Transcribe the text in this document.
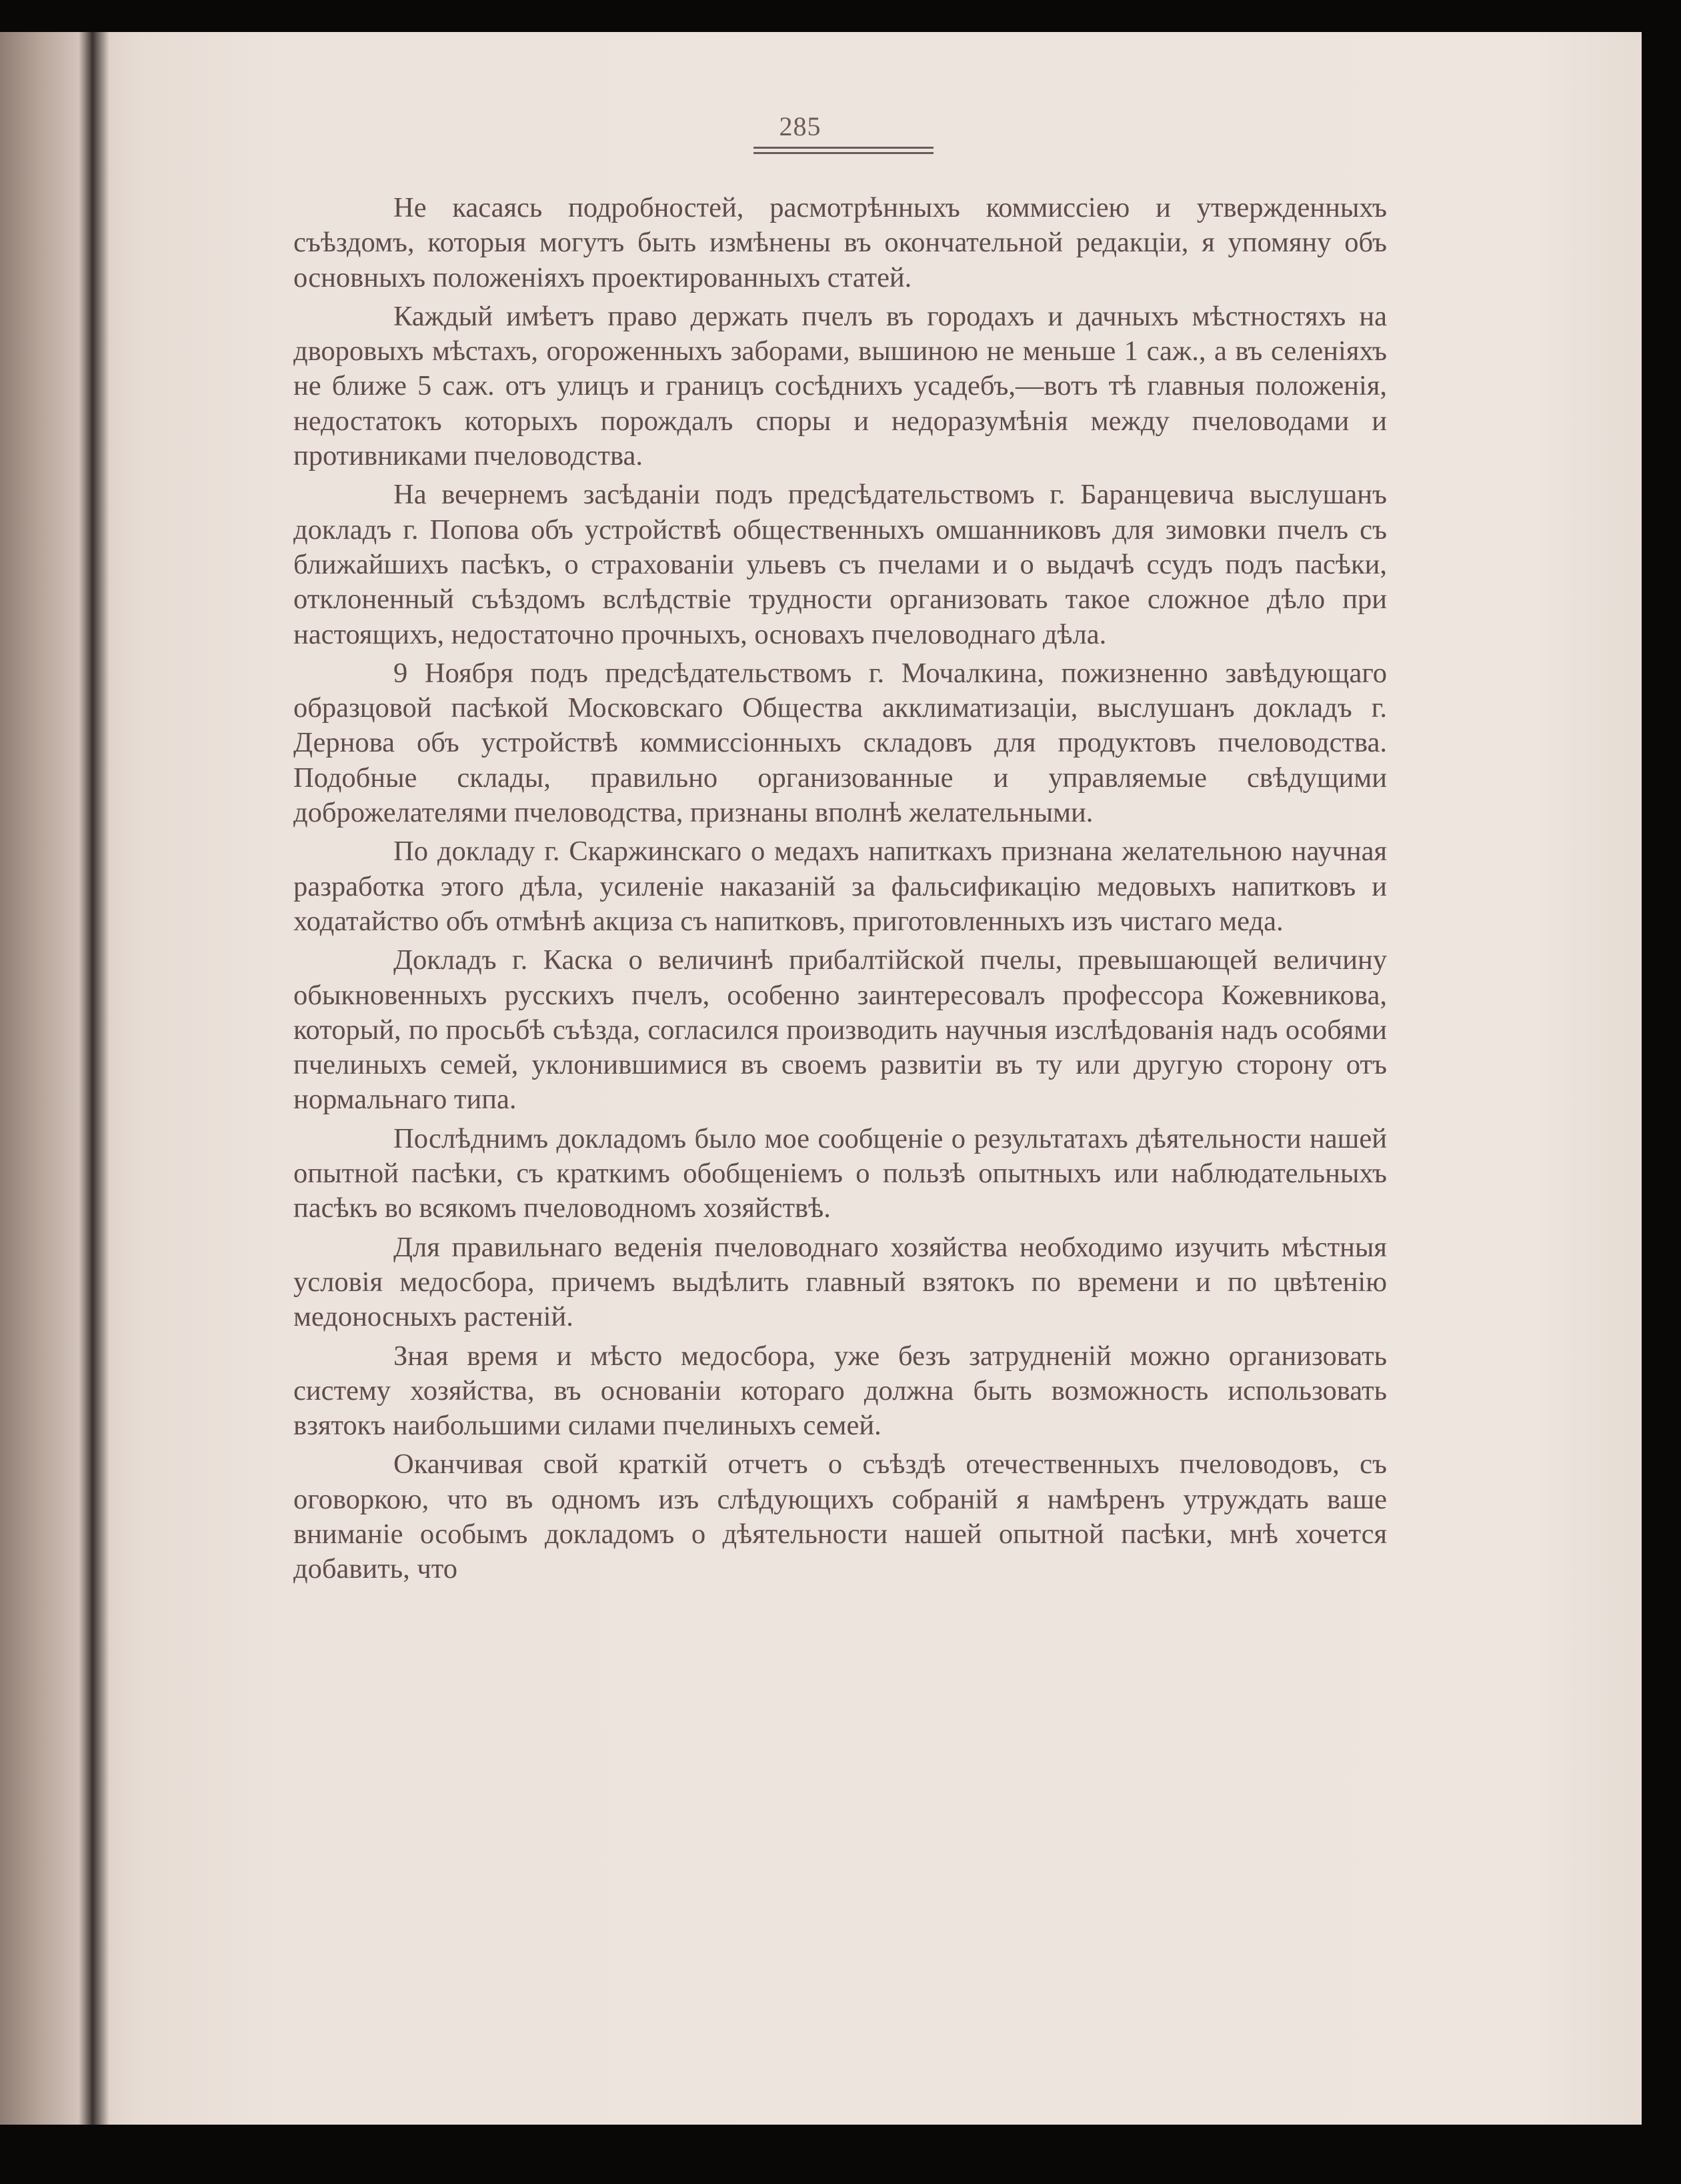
285

Не касаясь подробностей, расмотрѣнныхъ коммиссiею и утвержденныхъ съѣздомъ, которыя могутъ быть измѣнены въ окончательной редакцiи, я упомяну объ основныхъ положенiяхъ проектированныхъ статей.

Каждый имѣетъ право держать пчелъ въ городахъ и дачныхъ мѣстностяхъ на дворовыхъ мѣстахъ, огороженныхъ заборами, вышиною не меньше 1 саж., а въ селенiяхъ не ближе 5 саж. отъ улицъ и границъ сосѣднихъ усадебъ,—вотъ тѣ главныя положенiя, недостатокъ которыхъ порождалъ споры и недоразумѣнiя между пчеловодами и противниками пчеловодства.

На вечернемъ засѣданiи подъ предсѣдательствомъ г. Баранцевича выслушанъ докладъ г. Попова объ устройствѣ общественныхъ омшанниковъ для зимовки пчелъ съ ближайшихъ пасѣкъ, о страхованiи ульевъ съ пчелами и о выдачѣ ссудъ подъ пасѣки, отклоненный съѣздомъ вслѣдствiе трудности организовать такое сложное дѣло при настоящихъ, недостаточно прочныхъ, основахъ пчеловоднаго дѣла.

9 Ноября подъ предсѣдательствомъ г. Мочалкина, пожизненно завѣдующаго образцовой пасѣкой Московскаго Общества акклиматизацiи, выслушанъ докладъ г. Дернова объ устройствѣ коммиссiонныхъ складовъ для продуктовъ пчеловодства. Подобные склады, правильно организованные и управляемые свѣдущими доброжелателями пчеловодства, признаны вполнѣ желательными.

По докладу г. Скаржинскаго о медахъ напиткахъ признана желательною научная разработка этого дѣла, усиленiе наказанiй за фальсификацiю медовыхъ напитковъ и ходатайство объ отмѣнѣ акциза съ напитковъ, приготовленныхъ изъ чистаго меда.

Докладъ г. Каска о величинѣ прибалтiйской пчелы, превышающей величину обыкновенныхъ русскихъ пчелъ, особенно заинтересовалъ профессора Кожевникова, который, по просьбѣ съѣзда, согласился производить научныя изслѣдованiя надъ особями пчелиныхъ семей, уклонившимися въ своемъ развитiи въ ту или другую сторону отъ нормальнаго типа.

Послѣднимъ докладомъ было мое сообщенiе о результатахъ дѣятельности нашей опытной пасѣки, съ краткимъ обобщенiемъ о пользѣ опытныхъ или наблюдательныхъ пасѣкъ во всякомъ пчеловодномъ хозяйствѣ.

Для правильнаго веденiя пчеловоднаго хозяйства необходимо изучить мѣстныя условiя медосбора, причемъ выдѣлить главный взятокъ по времени и по цвѣтенiю медоносныхъ растенiй.

Зная время и мѣсто медосбора, уже безъ затрудненiй можно организовать систему хозяйства, въ основанiи котораго должна быть возможность использовать взятокъ наибольшими силами пчелиныхъ семей.

Оканчивая свой краткiй отчетъ о съѣздѣ отечественныхъ пчеловодовъ, съ оговоркою, что въ одномъ изъ слѣдующихъ собранiй я намѣренъ утруждать ваше вниманiе особымъ докладомъ о дѣятельности нашей опытной пасѣки, мнѣ хочется добавить, что
